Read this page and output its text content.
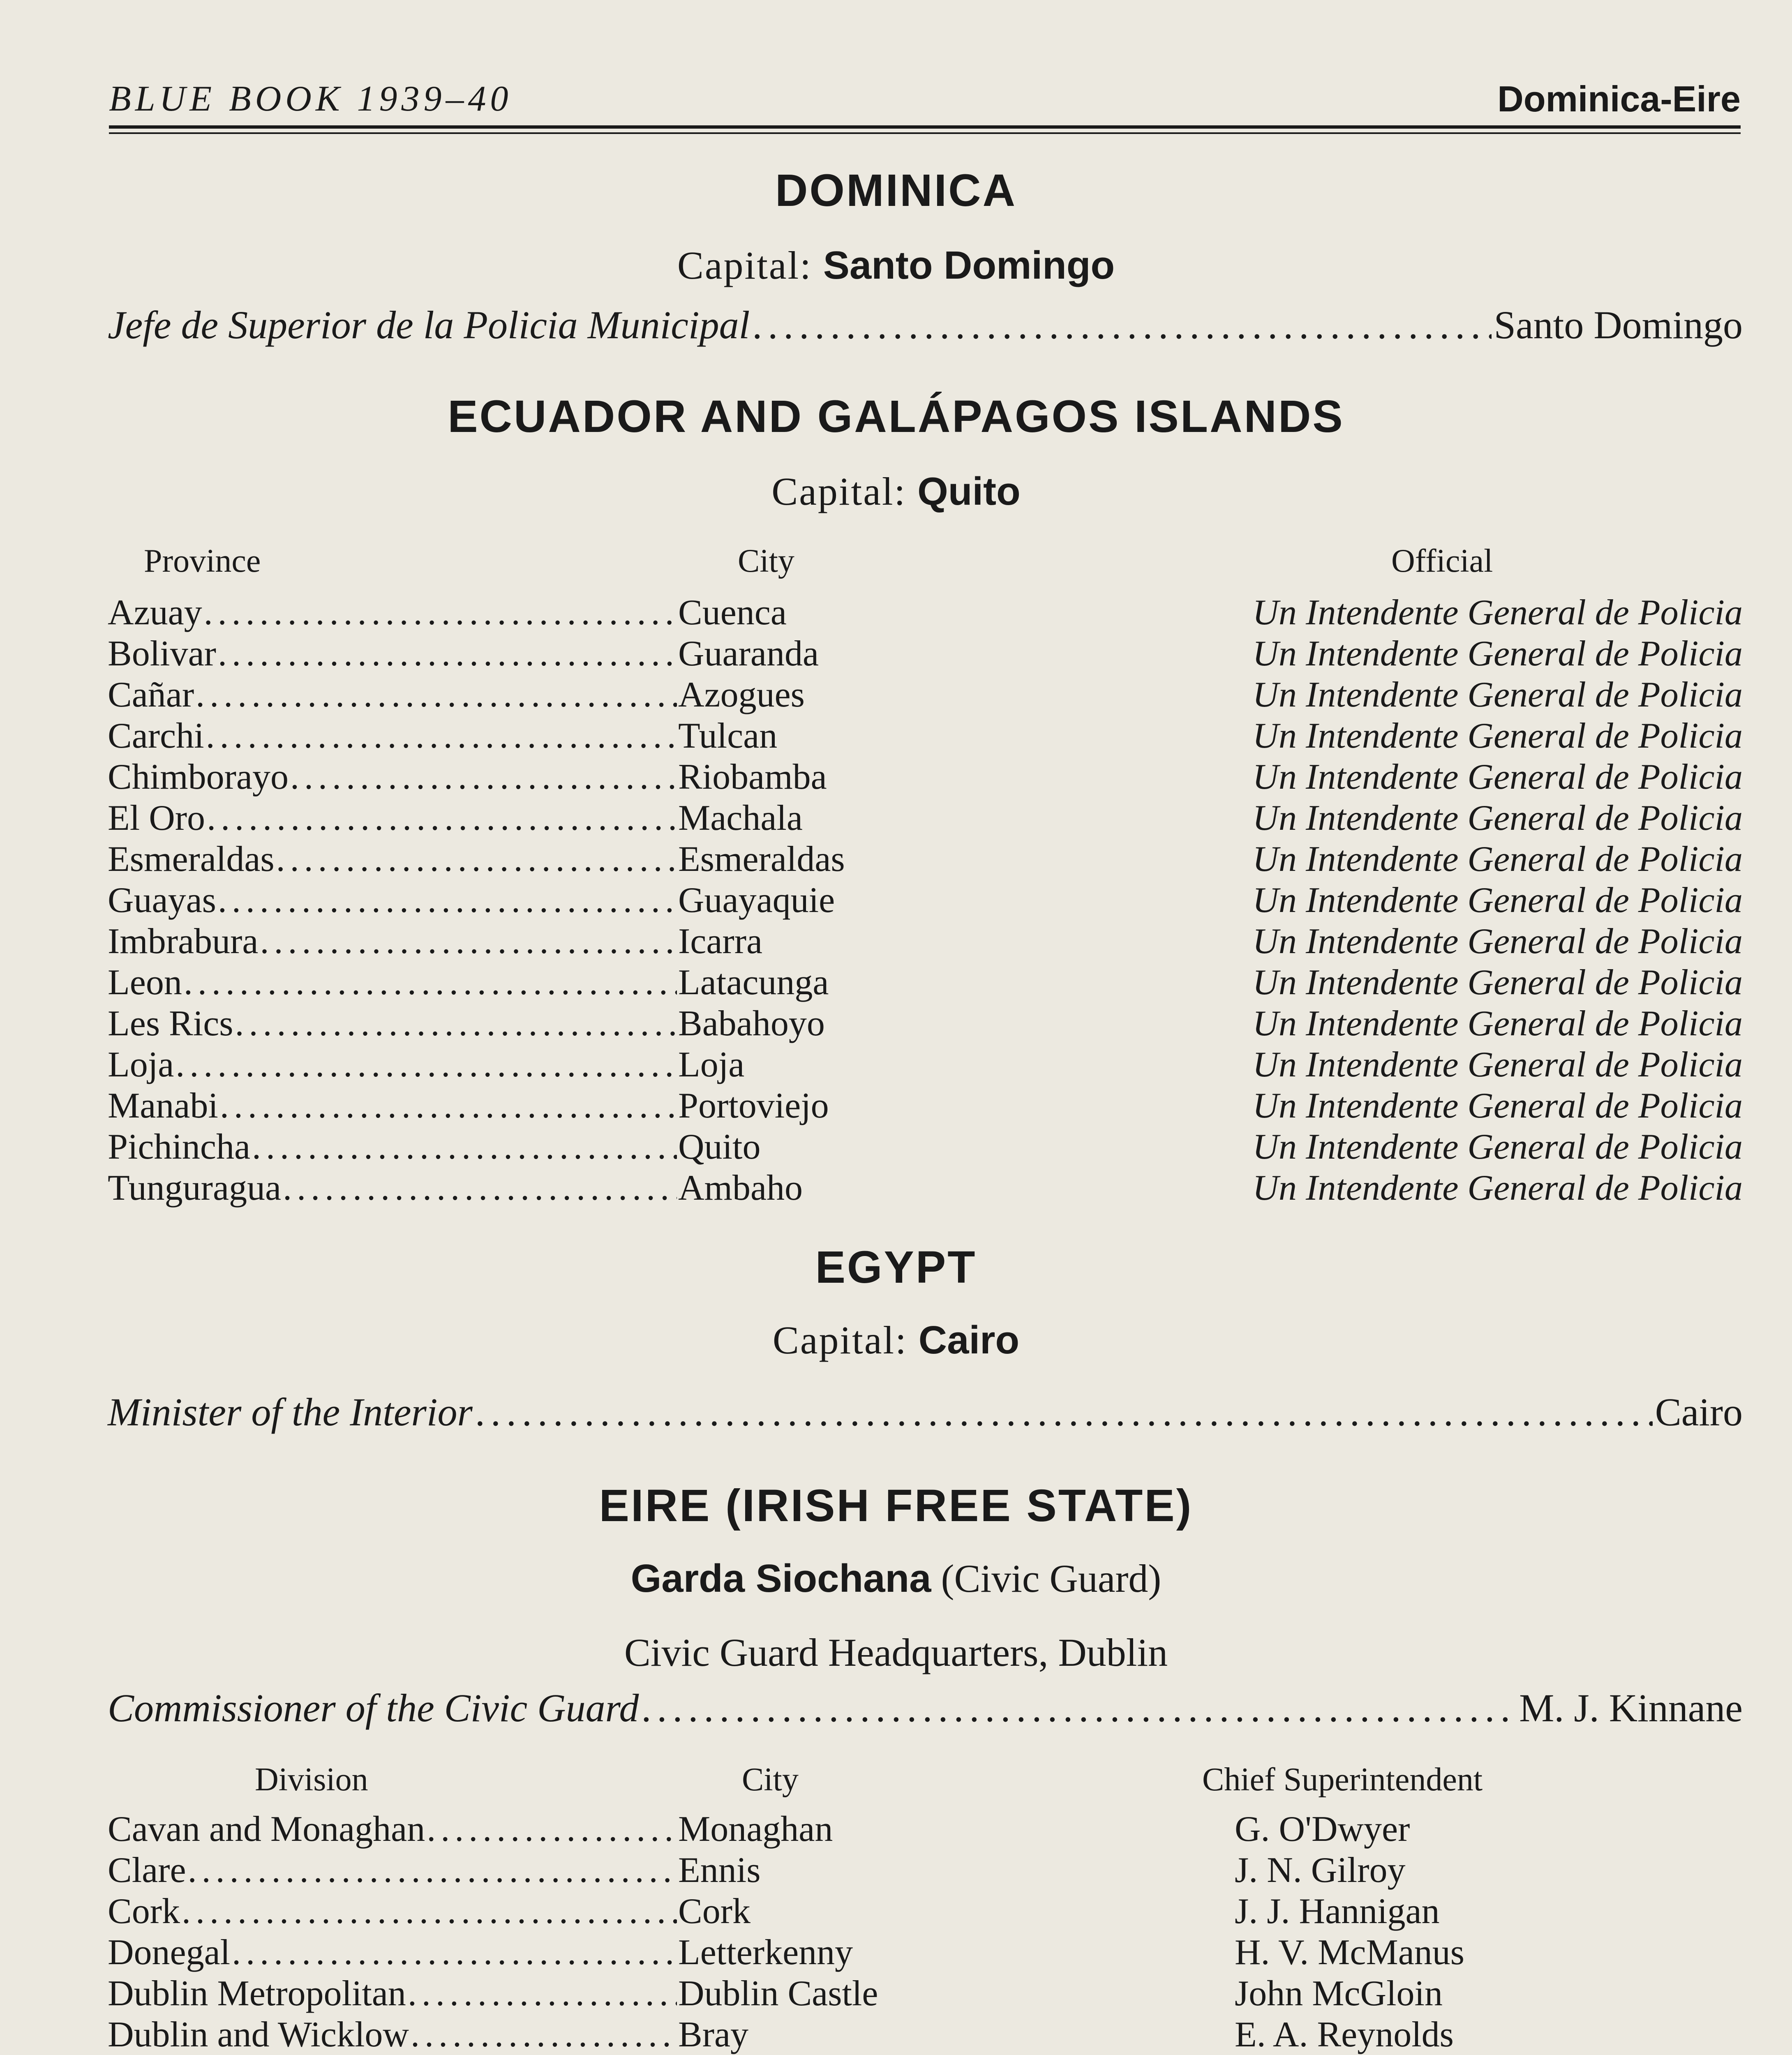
BLUE BOOK 1939–40	Dominica-Eire
DOMINICA
Capital: Santo Domingo
Jefe de Superior de la Policia Municipal .....	Santo Domingo
ECUADOR AND GALÁPAGOS ISLANDS
Capital: Quito
Province	City	Official
Azuay .....	Cuenca	Un Intendente General de Policia
Bolivar .....	Guaranda	Un Intendente General de Policia
Cañar .....	Azogues	Un Intendente General de Policia
Carchi .....	Tulcan	Un Intendente General de Policia
Chimborayo .....	Riobamba	Un Intendente General de Policia
El Oro .....	Machala	Un Intendente General de Policia
Esmeraldas .....	Esmeraldas	Un Intendente General de Policia
Guayas .....	Guayaquie	Un Intendente General de Policia
Imbrabura .....	Icarra	Un Intendente General de Policia
Leon .....	Latacunga	Un Intendente General de Policia
Les Rics .....	Babahoyo	Un Intendente General de Policia
Loja .....	Loja	Un Intendente General de Policia
Manabi .....	Portoviejo	Un Intendente General de Policia
Pichincha .....	Quito	Un Intendente General de Policia
Tunguragua .....	Ambaho	Un Intendente General de Policia
EGYPT
Capital: Cairo
Minister of the Interior .....	Cairo
EIRE (IRISH FREE STATE)
Garda Siochana (Civic Guard)
Civic Guard Headquarters, Dublin
Commissioner of the Civic Guard .....	M. J. Kinnane
Division	City	Chief Superintendent
Cavan and Monaghan .....	Monaghan	G. O'Dwyer
Clare .....	Ennis	J. N. Gilroy
Cork .....	Cork	J. J. Hannigan
Donegal .....	Letterkenny	H. V. McManus
Dublin Metropolitan .....	Dublin Castle	John McGloin
Dublin and Wicklow .....	Bray	E. A. Reynolds
